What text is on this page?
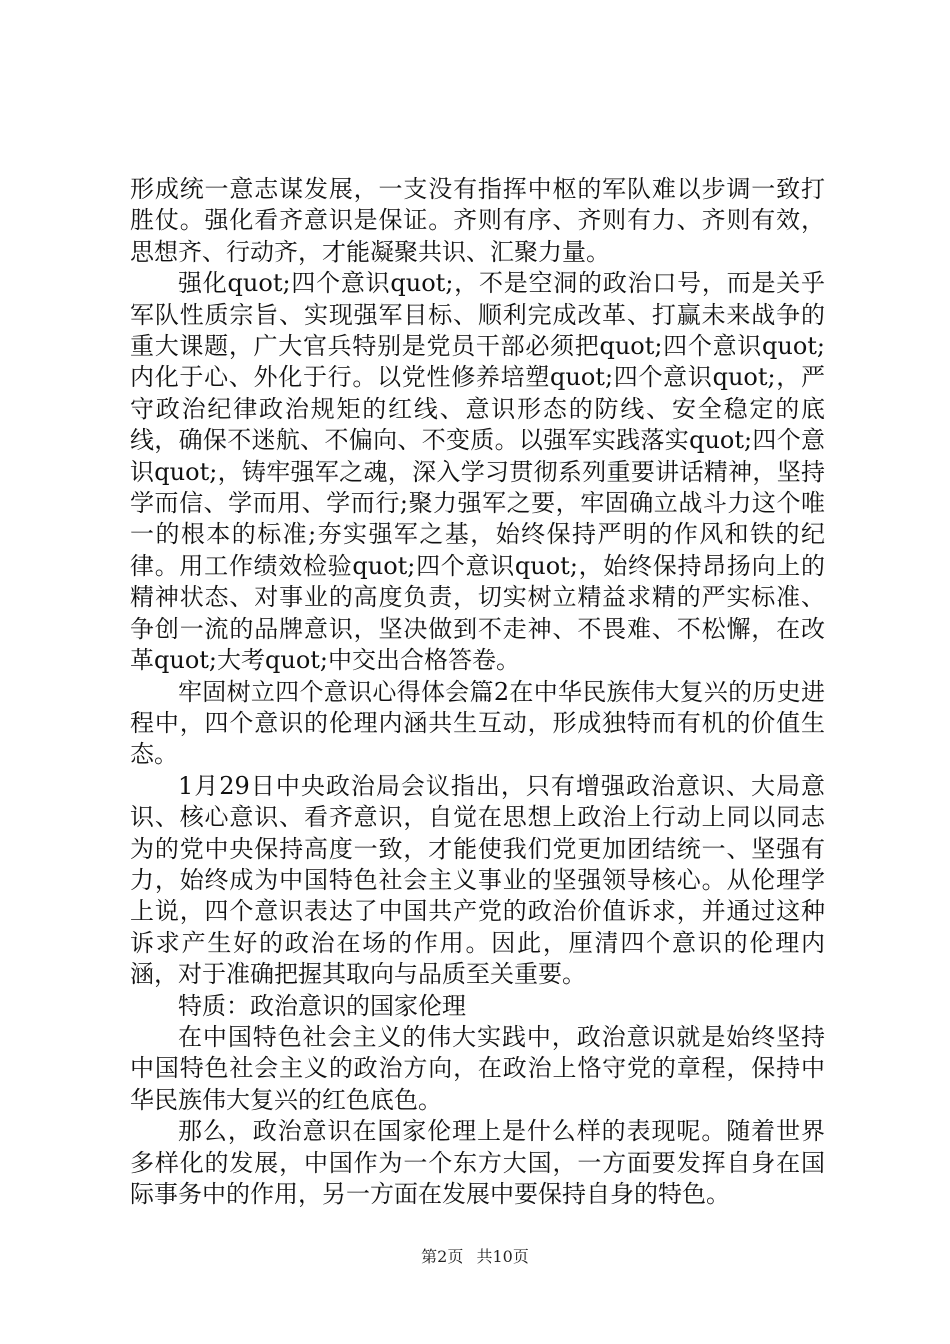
形成统一意志谋发展，一支没有指挥中枢的军队难以步调一致打胜仗。强化看齐意识是保证。齐则有序、齐则有力、齐则有效，思想齐、行动齐，才能凝聚共识、汇聚力量。

强化quot;四个意识quot;，不是空洞的政治口号，而是关乎军队性质宗旨、实现强军目标、顺利完成改革、打赢未来战争的重大课题，广大官兵特别是党员干部必须把quot;四个意识quot;内化于心、外化于行。以党性修养培塑quot;四个意识quot;，严守政治纪律政治规矩的红线、意识形态的防线、安全稳定的底线，确保不迷航、不偏向、不变质。以强军实践落实quot;四个意识quot;，铸牢强军之魂，深入学习贯彻系列重要讲话精神，坚持学而信、学而用、学而行;聚力强军之要，牢固确立战斗力这个唯一的根本的标准;夯实强军之基，始终保持严明的作风和铁的纪律。用工作绩效检验quot;四个意识quot;，始终保持昂扬向上的精神状态、对事业的高度负责，切实树立精益求精的严实标准、争创一流的品牌意识，坚决做到不走神、不畏难、不松懈，在改革quot;大考quot;中交出合格答卷。

牢固树立四个意识心得体会篇2在中华民族伟大复兴的历史进程中，四个意识的伦理内涵共生互动，形成独特而有机的价值生态。

1月29日中央政治局会议指出，只有增强政治意识、大局意识、核心意识、看齐意识，自觉在思想上政治上行动上同以同志为的党中央保持高度一致，才能使我们党更加团结统一、坚强有力，始终成为中国特色社会主义事业的坚强领导核心。从伦理学上说，四个意识表达了中国共产党的政治价值诉求，并通过这种诉求产生好的政治在场的作用。因此，厘清四个意识的伦理内涵，对于准确把握其取向与品质至关重要。

特质：政治意识的国家伦理

在中国特色社会主义的伟大实践中，政治意识就是始终坚持中国特色社会主义的政治方向，在政治上恪守党的章程，保持中华民族伟大复兴的红色底色。

那么，政治意识在国家伦理上是什么样的表现呢。随着世界多样化的发展，中国作为一个东方大国，一方面要发挥自身在国际事务中的作用，另一方面在发展中要保持自身的特色。

第2页 共10页
